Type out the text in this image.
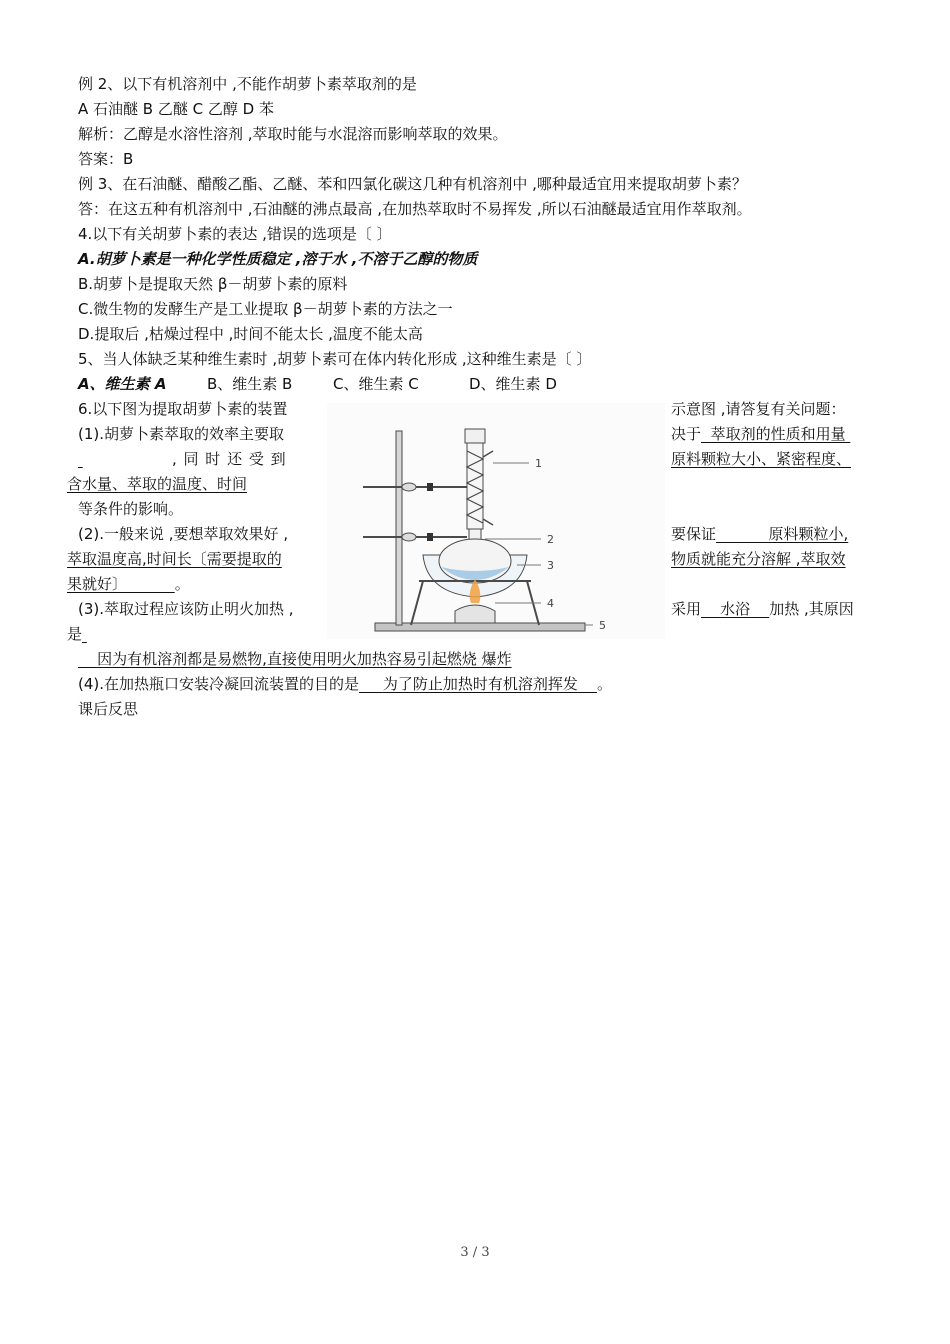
例 2、以下有机溶剂中 ,不能作胡萝卜素萃取剂的是
A 石油醚 B 乙醚 C 乙醇 D 苯
解析：乙醇是水溶性溶剂 ,萃取时能与水混溶而影响萃取的效果。
答案：B
例 3、在石油醚、醋酸乙酯、乙醚、苯和四氯化碳这几种有机溶剂中 ,哪种最适宜用来提取胡萝卜素？
答：在这五种有机溶剂中 ,石油醚的沸点最高 ,在加热萃取时不易挥发 ,所以石油醚最适宜用作萃取剂。
4.以下有关胡萝卜素的表达 ,错误的选项是〔 〕
A.胡萝卜素是一种化学性质稳定 ,溶于水 ,不溶于乙醇的物质
B.胡萝卜是提取天然 β－胡萝卜素的原料
C.微生物的发酵生产是工业提取 β－胡萝卜素的方法之一
D.提取后 ,枯燥过程中 ,时间不能太长 ,温度不能太高
5、当人体缺乏某种维生素时 ,胡萝卜素可在体内转化形成 ,这种维生素是〔 〕
A、维生素 A	B、维生素 B	C、维生素 C	D、维生素 D
6.以下图为提取胡萝卜素的装置	示意图 ,请答复有关问题：
(1).胡萝卜素萃取的效率主要取	决于 萃取剂的性质和用量

, 同 时 还 受 到	原料颗粒大小、紧密程度、
含水量、萃取的温度、时间
等条件的影响。
(2).一般来说 ,要想萃取效果好 ,	要保证	原料颗粒小,
萃取温度高,时间长〔需要提取的	物质就能充分溶解 ,萃取效
果就好〕	。
(3).萃取过程应该防止明火加热 ,	采用 水浴 加热 ,其原因
是
因为有机溶剂都是易燃物,直接使用明火加热容易引起燃烧 爆炸
(4).在加热瓶口安装冷凝回流装置的目的是 为了防止加热时有机溶剂挥发 。
课后反思
1
2
3
4
5
3 / 3
